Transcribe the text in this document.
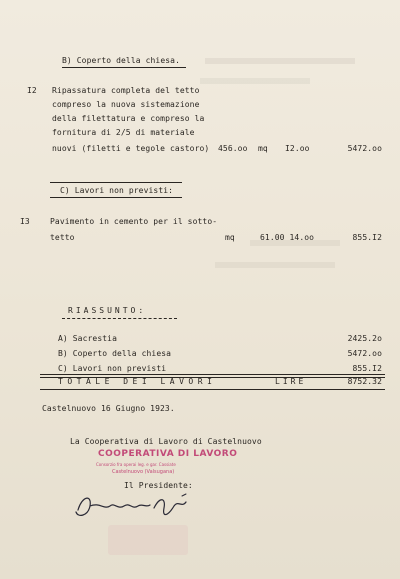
B) Coperto della chiesa.
I2 Ripassatura completa del tetto
compreso la nuova sistemazione
della filettatura e compreso la
fornitura di 2/5 di materiale
nuovi (filetti e tegole castoro) 456.oo mq I2.oo	5472.oo
C) Lavori non previsti:
I3	Pavimento in cemento per il sotto-
tetto	mq	61.00 14.oo	855.I2
RIASSUNTO:
A) Sacrestia	2425.2o
B) Coperto della chiesa	5472.oo
C) Lavori non previsti	855.I2
TOTALE DEI LAVORI	LIRE	8752.32
Castelnuovo 16 Giugno 1923.
La Cooperativa di Lavoro di Castelnuovo
COOPERATIVA DI LAVORO
Consorzio fra operai leg. e gar. Cassiate
Castelnuovo (Valsugana)
Il Presidente:
